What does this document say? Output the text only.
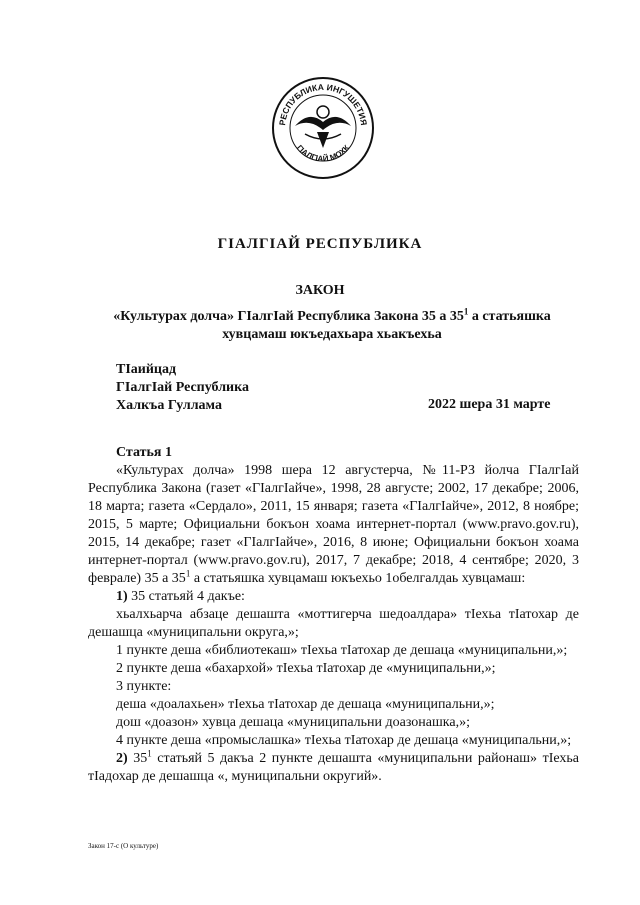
РЕСПУБЛИКА ИНГУШЕТИЯ
ГIАЛГIАЙ МОХК
ГIАЛГIАЙ РЕСПУБЛИКА
ЗАКОН
«Культурах долча» ГIалгIай Республика Закона 35 а $35^1$ а статьяшка хувцамаш юкъедахьара хьакъехьа
ТIаийцад
ГIалгIай Республика
Халкъа Гуллама	2022 шера 31 марте

Статья 1

«Культурах долча» 1998 шера 12 августерча, №11-РЗ йолча ГIалгIай Республика Закона (газет «ГIалгIайче», 1998, 28 августе; 2002, 17 декабре; 2006, 18 марта; газета «Сердало», 2011, 15 января; газета «ГIалгIайче», 2012, 8 ноябре; 2015, 5 марте; Официальни бокъон хоама интернет-портал (www.pravo.gov.ru), 2015, 14 декабре; газет «ГIалгIайче», 2016, 8 июне; Официальни бокъон хоама интернет-портал (www.pravo.gov.ru), 2017, 7 декабре; 2018, 4 сентябре; 2020, 3 феврале) 35 а $35^1$ а статьяшка хувцамаш юкъехьо 1обелгалдаь хувцамаш:

1) 35 статьяй 4 дакъе:

хьалхьарча абзаце дешашта «моттигерча шедоалдара» тIехьа тIатохар де дешашца «муниципальни округа,»;

1 пункте деша «библиотекаш» тIехьа тIатохар де дешаца «муниципальни,»;

2 пункте деша «бахархой» тIехьа тIатохар де «муниципальни,»;

3 пункте:

деша «доалахьен» тIехьа тIатохар де дешаца «муниципальни,»;

дош «доазон» хувца дешаца «муниципальни доазонашка,»;

4 пункте деша «промыслашка» тIехьа тIатохар де дешаца «муниципальни,»;

2) $35^1$ статьяй 5 дакъа 2 пункте дешашта «муниципальни районаш» тIехьа тIадохар де дешашца «, муниципальни округий».

Закон 17-с (О культуре)
